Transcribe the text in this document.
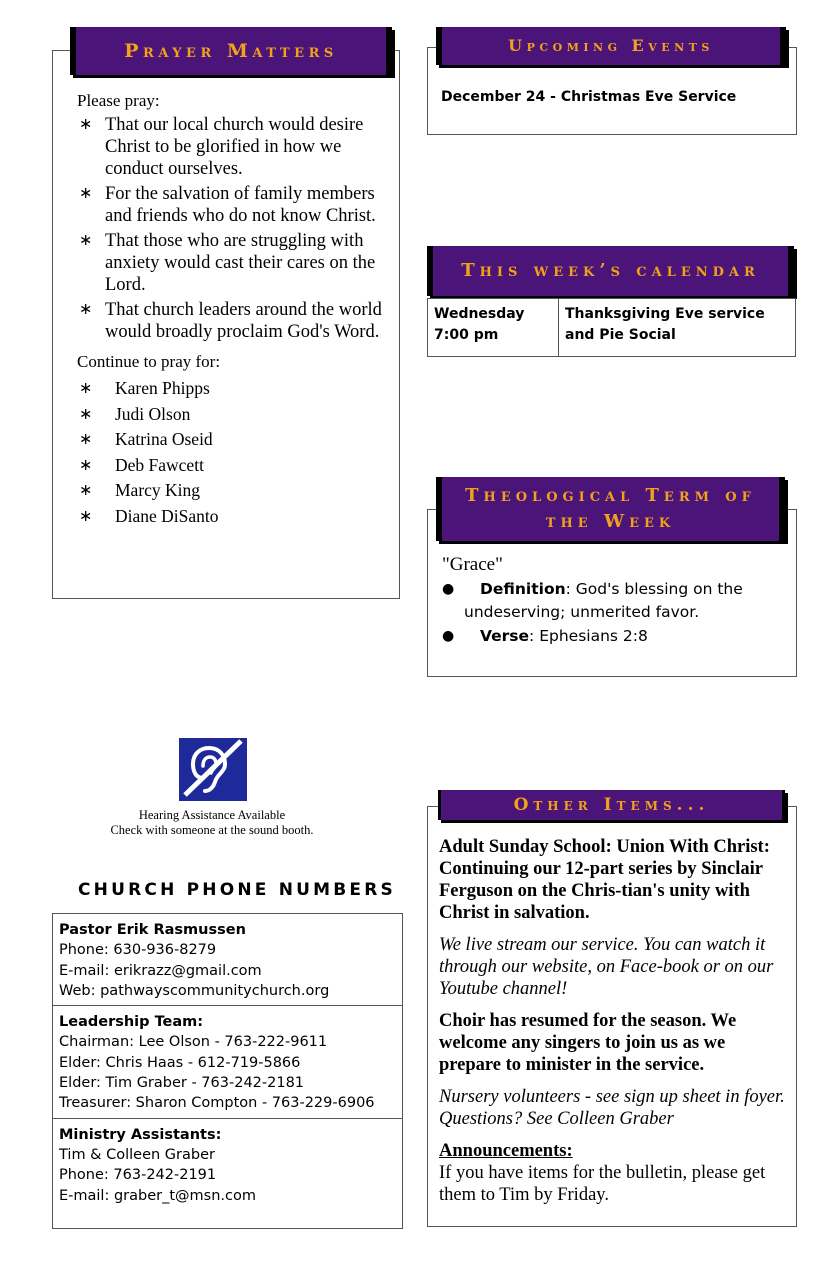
Prayer Matters
Please pray:
∗ That our local church would desire Christ to be glorified in how we conduct ourselves.
∗ For the salvation of family members and friends who do not know Christ.
∗ That those who are struggling with anxiety would cast their cares on the Lord.
∗ That church leaders around the world would broadly proclaim God's Word.
Continue to pray for:
∗ Karen Phipps
∗ Judi Olson
∗ Katrina Oseid
∗ Deb Fawcett
∗ Marcy King
∗ Diane DiSanto
Upcoming Events
December 24 - Christmas Eve Service
This week’s calendar
Wednesday
7:00 pm
Thanksgiving Eve service and Pie Social
Theological Term of
the Week
"Grace"
● Definition: God's blessing on the undeserving; unmerited favor.
● Verse: Ephesians 2:8
Hearing Assistance Available
Check with someone at the sound booth.
CHURCH PHONE NUMBERS
Pastor Erik Rasmussen
Phone: 630-936-8279
E-mail: erikrazz@gmail.com
Web: pathwayscommunitychurch.org
Leadership Team:
Chairman: Lee Olson - 763-222-9611
Elder: Chris Haas - 612-719-5866
Elder: Tim Graber - 763-242-2181
Treasurer: Sharon Compton - 763-229-6906
Ministry Assistants:
Tim & Colleen Graber
Phone: 763-242-2191
E-mail: graber_t@msn.com
Other Items...

Adult Sunday School: Union With Christ: Continuing our 12-part series by Sinclair Ferguson on the Chris-tian's unity with Christ in salvation.

We live stream our service. You can watch it through our website, on Face-book or on our Youtube channel!

Choir has resumed for the season. We welcome any singers to join us as we prepare to minister in the service.

Nursery volunteers - see sign up sheet in foyer. Questions? See Colleen Graber

Announcements:
If you have items for the bulletin, please get them to Tim by Friday.
